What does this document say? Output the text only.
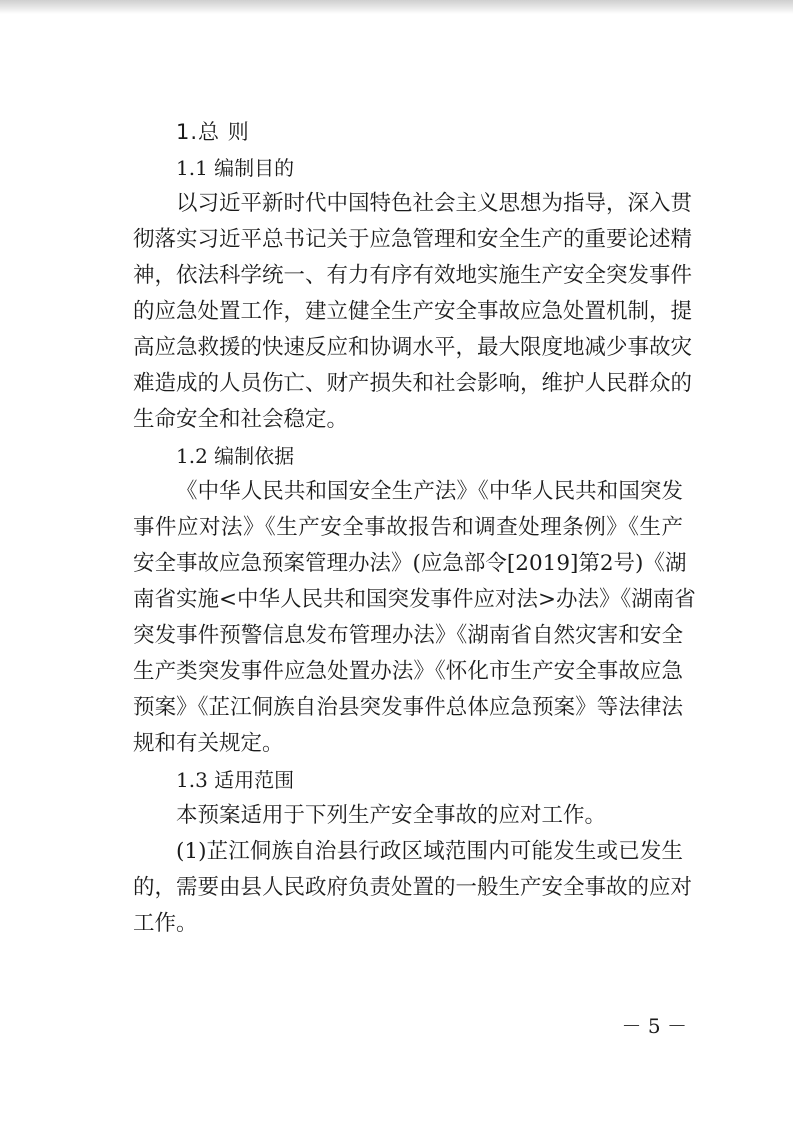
1.总 则
1.1 编制目的
以习近平新时代中国特色社会主义思想为指导，深入贯
彻落实习近平总书记关于应急管理和安全生产的重要论述精
神，依法科学统一、有力有序有效地实施生产安全突发事件
的应急处置工作，建立健全生产安全事故应急处置机制，提
高应急救援的快速反应和协调水平，最大限度地减少事故灾
难造成的人员伤亡、财产损失和社会影响，维护人民群众的
生命安全和社会稳定。
1.2 编制依据
《中华人民共和国安全生产法》《中华人民共和国突发
事件应对法》《生产安全事故报告和调查处理条例》《生产
安全事故应急预案管理办法》(应急部令[2019]第2号)《湖
南省实施<中华人民共和国突发事件应对法>办法》《湖南省
突发事件预警信息发布管理办法》《湖南省自然灾害和安全
生产类突发事件应急处置办法》《怀化市生产安全事故应急
预案》《芷江侗族自治县突发事件总体应急预案》等法律法
规和有关规定。
1.3 适用范围
本预案适用于下列生产安全事故的应对工作。
(1)芷江侗族自治县行政区域范围内可能发生或已发生
的，需要由县人民政府负责处置的一般生产安全事故的应对
工作。
－ 5 －
